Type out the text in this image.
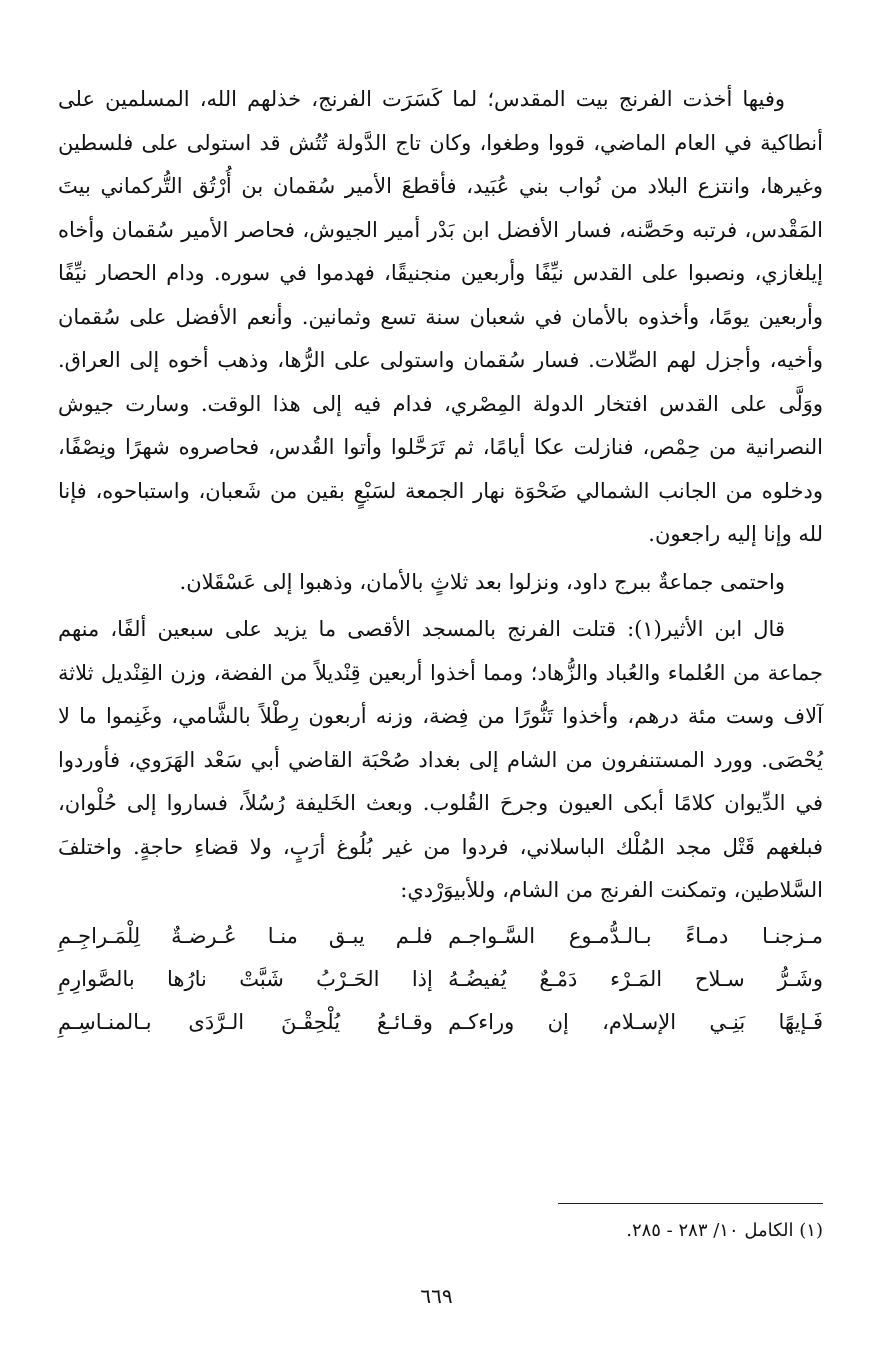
وفيها أخذت الفرنج بيت المقدس؛ لما كَسَرَت الفرنج، خذلهم الله، المسلمين على أنطاكية في العام الماضي، قووا وطغوا، وكان تاج الدَّولة تُتُش قد استولى على فلسطين وغيرها، وانتزع البلاد من نُواب بني عُبَيد، فأقطعَ الأمير سُقمان بن أُرْتُق التُّركماني بيتَ المَقْدس، فرتبه وحَصَّنه، فسار الأفضل ابن بَدْر أمير الجيوش، فحاصر الأمير سُقمان وأخاه إيلغازي، ونصبوا على القدس نيِّفًا وأربعين منجنيقًا، فهدموا في سوره. ودام الحصار نيِّفًا وأربعين يومًا، وأخذوه بالأمان في شعبان سنة تسع وثمانين. وأنعم الأفضل على سُقمان وأخيه، وأجزل لهم الصِّلات. فسار سُقمان واستولى على الرُّها، وذهب أخوه إلى العراق. ووَلَّى على القدس افتخار الدولة المِصْري، فدام فيه إلى هذا الوقت. وسارت جيوش النصرانية من حِمْص، فنازلت عكا أيامًا، ثم تَرَحَّلوا وأتوا القُدس، فحاصروه شهرًا ونِصْفًا، ودخلوه من الجانب الشمالي ضَحْوَة نهار الجمعة لسَبْعٍ بقين من شَعبان، واستباحوه، فإنا لله وإنا إليه راجعون.

واحتمى جماعةٌ ببرج داود، ونزلوا بعد ثلاثٍ بالأمان، وذهبوا إلى عَسْقَلان.

قال ابن الأثير(١): قتلت الفرنج بالمسجد الأقصى ما يزيد على سبعين ألفًا، منهم جماعة من العُلماء والعُباد والزُّهاد؛ ومما أخذوا أربعين قِنْديلاً من الفضة، وزن القِنْديل ثلاثة آلاف وست مئة درهم، وأخذوا تَنُّورًا من فِضة، وزنه أربعون رِطْلاً بالشَّامي، وغَنِموا ما لا يُحْصَى. وورد المستنفرون من الشام إلى بغداد صُحْبَة القاضي أبي سَعْد الهَرَوي، فأوردوا في الدِّيوان كلامًا أبكى العيون وجرحَ القُلوب. وبعث الخَليفة رُسُلاً، فساروا إلى حُلْوان، فبلغهم قَتْل مجد المُلْك الباسلاني، فردوا من غير بُلُوغ أرَبٍ، ولا قضاءِ حاجةٍ. واختلفَ السَّلاطين، وتمكنت الفرنج من الشام، وللأبيوَرْدي:

مـزجنـا دمـاءً بـالـدُّمـوع السَّـواجـم
فلـم يبـق منـا عُـرضـةٌ لِلْمَـراجِـمِ
وشَـرُّ سـلاح المَـرْء دَمْـعٌ يُفيضُـهُ
إذا الحَـرْبُ شَبَّتْ نارُها بالصَّوارِمِ
فَـإيهًا بَنِـي الإسـلام، إن وراءكـم
وقـائـعُ يُلْحِقْـنَ الـرَّدَى بـالمنـاسِـمِ
(١) الكامل ١٠/ ٢٨٣ - ٢٨٥.
٦٦٩
